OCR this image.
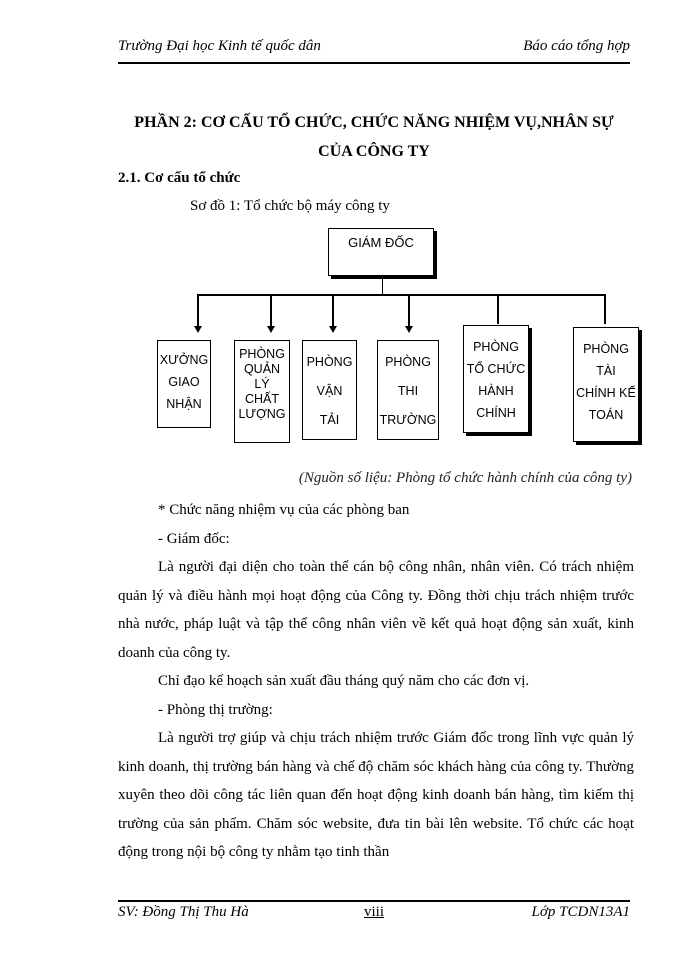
Trường Đại học Kinh tế quốc dân	Báo cáo tổng hợp
PHẦN 2: CƠ CẤU TỔ CHỨC, CHỨC NĂNG NHIỆM VỤ,NHÂN SỰ
CỦA CÔNG TY
2.1. Cơ cấu tổ chức
Sơ đồ 1: Tổ chức bộ máy công ty
GIÁM ĐỐC
XƯỞNG
GIAO
NHẬN
PHÒNG
QUẢN
LÝ
CHẤT
LƯỢNG
PHÒNG
VẬN
TẢI
PHÒNG
THI
TRƯỜNG
PHÒNG
TỔ CHỨC
HÀNH
CHÍNH
PHÒNG
TÀI
CHÍNH KẾ
TOÁN
(Nguồn số liệu: Phòng tổ chức hành chính của công ty)

* Chức năng nhiệm vụ của các phòng ban

- Giám đốc:

Là người đại diện cho toàn thể cán bộ công nhân, nhân viên. Có trách nhiệm quản lý và điều hành mọi hoạt động của Công ty. Đồng thời chịu trách nhiệm trước nhà nước, pháp luật và tập thể công nhân viên về kết quả hoạt động sản xuất, kinh doanh của công ty.

Chỉ đạo kế hoạch sản xuất đầu tháng quý năm cho các đơn vị.

- Phòng thị trường:

Là người trợ giúp và chịu trách nhiệm trước Giám đốc trong lĩnh vực quản lý kinh doanh, thị trường bán hàng và chế độ chăm sóc khách hàng của công ty. Thường xuyên theo dõi công tác liên quan đến hoạt động kinh doanh bán hàng, tìm kiếm thị trường của sản phẩm. Chăm sóc website, đưa tin bài lên website. Tổ chức các hoạt động trong nội bộ công ty nhằm tạo tinh thần

SV: Đồng Thị Thu Hà	viii	Lớp TCDN13A1
